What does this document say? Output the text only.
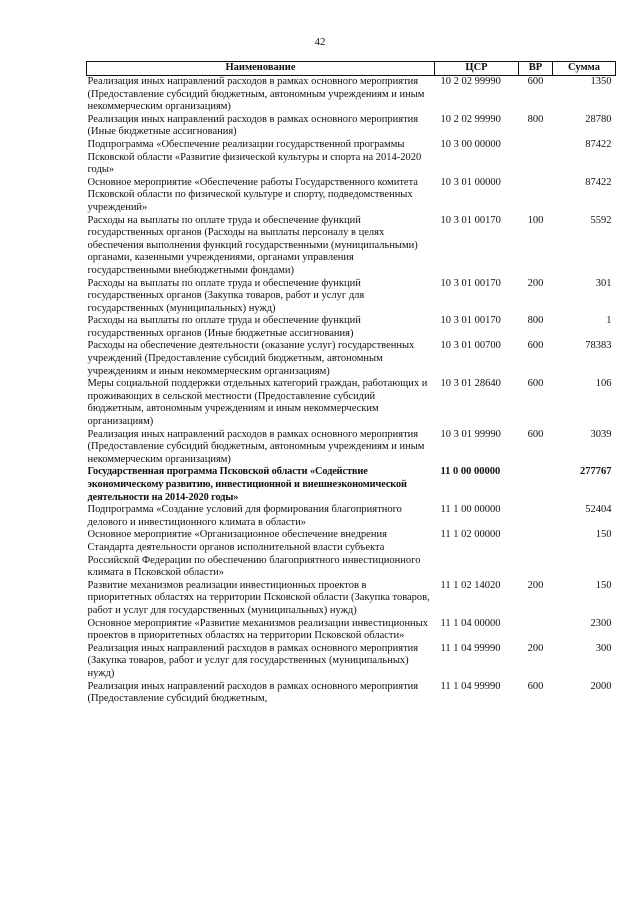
42
Наименование	ЦСР	ВР	Сумма
Реализация иных направлений расходов в рамках основного мероприятия (Предоставление субсидий бюджетным, автономным учреждениям и иным некоммерческим организациям)	10 2 02 99990	600	1350
Реализация иных направлений расходов в рамках основного мероприятия (Иные бюджетные ассигнования)	10 2 02 99990	800	28780
Подпрограмма «Обеспечение реализации государственной программы Псковской области «Развитие физической культуры и спорта на 2014-2020 годы»	10 3 00 00000		87422
Основное мероприятие «Обеспечение работы Государственного комитета Псковской области по физической культуре и спорту, подведомственных учреждений»	10 3 01 00000		87422
Расходы на выплаты по оплате труда и обеспечение функций государственных органов (Расходы на выплаты персоналу в целях обеспечения выполнения функций государственными (муниципальными) органами, казенными учреждениями, органами управления государственными внебюджетными фондами)	10 3 01 00170	100	5592
Расходы на выплаты по оплате труда и обеспечение функций государственных органов (Закупка товаров, работ и услуг для государственных (муниципальных) нужд)	10 3 01 00170	200	301
Расходы на выплаты по оплате труда и обеспечение функций государственных органов (Иные бюджетные ассигнования)	10 3 01 00170	800	1
Расходы на обеспечение деятельности (оказание услуг) государственных учреждений (Предоставление субсидий бюджетным, автономным учреждениям и иным некоммерческим организациям)	10 3 01 00700	600	78383
Меры социальной поддержки отдельных категорий граждан, работающих и проживающих в сельской местности (Предоставление субсидий бюджетным, автономным учреждениям и иным некоммерческим организациям)	10 3 01 28640	600	106
Реализация иных направлений расходов в рамках основного мероприятия (Предоставление субсидий бюджетным, автономным учреждениям и иным некоммерческим организациям)	10 3 01 99990	600	3039
Государственная программа Псковской области «Содействие экономическому развитию, инвестиционной и внешнеэкономической деятельности на 2014-2020 годы»	11 0 00 00000		277767
Подпрограмма «Создание условий для формирования благоприятного делового и инвестиционного климата в области»	11 1 00 00000		52404
Основное мероприятие «Организационное обеспечение внедрения Стандарта деятельности органов исполнительной власти субъекта Российской Федерации по обеспечению благоприятного инвестиционного климата в Псковской области»	11 1 02 00000		150
Развитие механизмов реализации инвестиционных проектов в приоритетных областях на территории Псковской области (Закупка товаров, работ и услуг для государственных (муниципальных) нужд)	11 1 02 14020	200	150
Основное мероприятие «Развитие механизмов реализации инвестиционных проектов в приоритетных областях на территории Псковской области»	11 1 04 00000		2300
Реализация иных направлений расходов в рамках основного мероприятия (Закупка товаров, работ и услуг для государственных (муниципальных) нужд)	11 1 04 99990	200	300
Реализация иных направлений расходов в рамках основного мероприятия (Предоставление субсидий бюджетным,	11 1 04 99990	600	2000
